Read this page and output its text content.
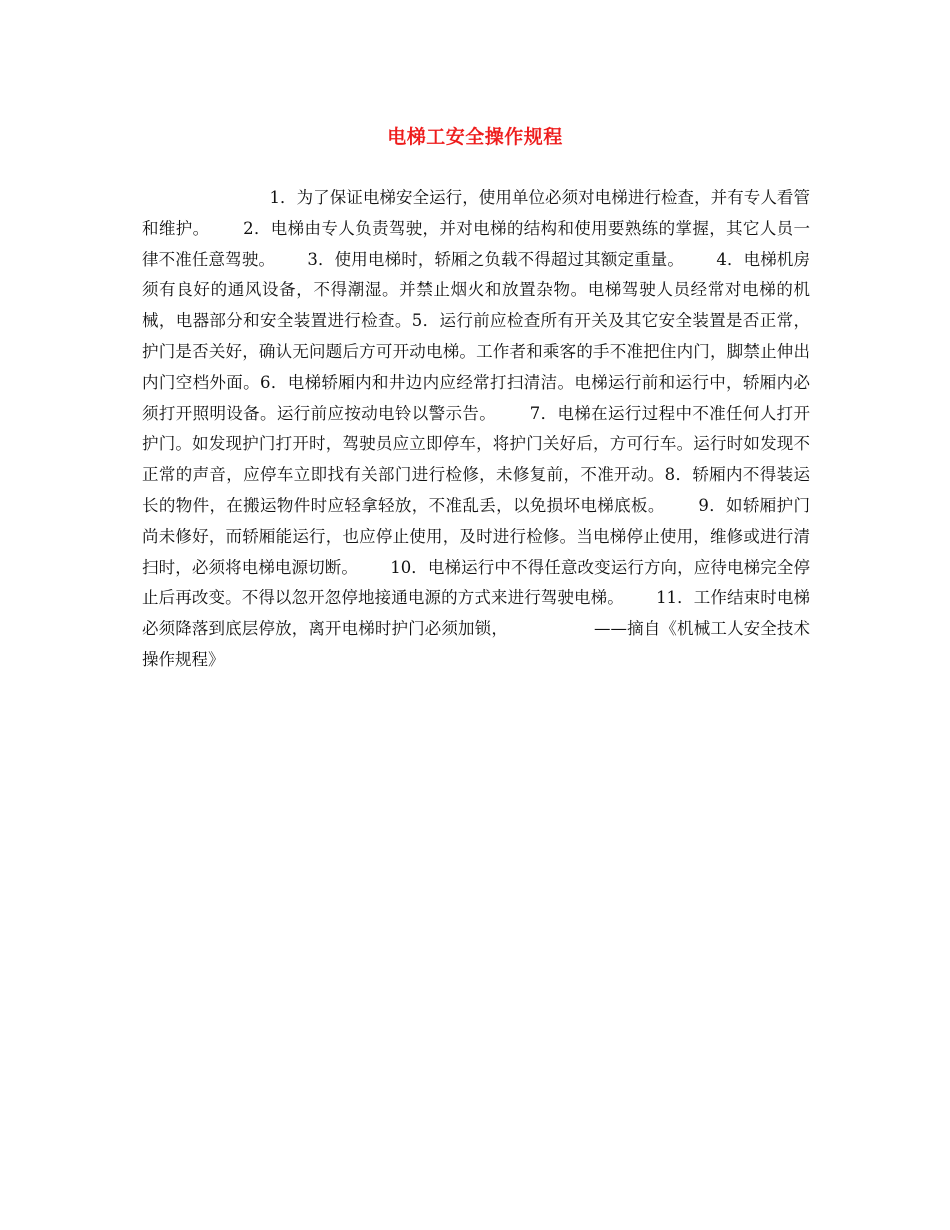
电梯工安全操作规程
1．为了保证电梯安全运行，使用单位必须对电梯进行检查，并有专人看管和维护。      2．电梯由专人负责驾驶，并对电梯的结构和使用要熟练的掌握，其它人员一律不准任意驾驶。      3．使用电梯时，轿厢之负载不得超过其额定重量。      4．电梯机房须有良好的通风设备，不得潮湿。并禁止烟火和放置杂物。电梯驾驶人员经常对电梯的机械，电器部分和安全装置进行检查。5．运行前应检查所有开关及其它安全装置是否正常，护门是否关好，确认无问题后方可开动电梯。工作者和乘客的手不准把住内门，脚禁止伸出内门空档外面。6．电梯轿厢内和井边内应经常打扫清洁。电梯运行前和运行中，轿厢内必须打开照明设备。运行前应按动电铃以警示告。      7．电梯在运行过程中不准任何人打开护门。如发现护门打开时，驾驶员应立即停车，将护门关好后，方可行车。运行时如发现不正常的声音，应停车立即找有关部门进行检修，未修复前，不准开动。8．轿厢内不得装运长的物件，在搬运物件时应轻拿轻放，不准乱丢，以免损坏电梯底板。      9．如轿厢护门尚未修好，而轿厢能运行，也应停止使用，及时进行检修。当电梯停止使用，维修或进行清扫时，必须将电梯电源切断。      10．电梯运行中不得任意改变运行方向，应待电梯完全停止后再改变。不得以忽开忽停地接通电源的方式来进行驾驶电梯。      11．工作结束时电梯必须降落到底层停放，离开电梯时护门必须加锁，                ——摘自《机械工人安全技术操作规程》
